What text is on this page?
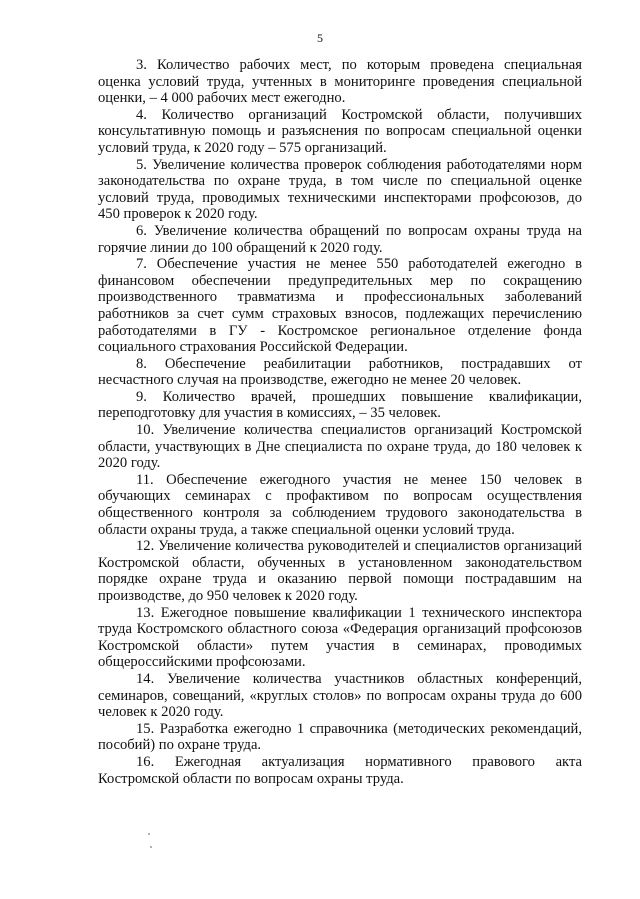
5

3. Количество рабочих мест, по которым проведена специальная оценка условий труда, учтенных в мониторинге проведения специальной оценки, – 4 000 рабочих мест ежегодно.

4. Количество организаций Костромской области, получивших консультативную помощь и разъяснения по вопросам специальной оценки условий труда, к 2020 году – 575 организаций.

5. Увеличение количества проверок соблюдения работодателями норм законодательства по охране труда, в том числе по специальной оценке условий труда, проводимых техническими инспекторами профсоюзов, до 450 проверок к 2020 году.

6. Увеличение количества обращений по вопросам охраны труда на горячие линии до 100 обращений к 2020 году.

7. Обеспечение участия не менее 550 работодателей ежегодно в финансовом обеспечении предупредительных мер по сокращению производственного травматизма и профессиональных заболеваний работников за счет сумм страховых взносов, подлежащих перечислению работодателями в ГУ - Костромское региональное отделение фонда социального страхования Российской Федерации.

8. Обеспечение реабилитации работников, пострадавших от несчастного случая на производстве, ежегодно не менее 20 человек.

9. Количество врачей, прошедших повышение квалификации, переподготовку для участия в комиссиях, – 35 человек.

10. Увеличение количества специалистов организаций Костромской области, участвующих в Дне специалиста по охране труда, до 180 человек к 2020 году.

11. Обеспечение ежегодного участия не менее 150 человек в обучающих семинарах с профактивом по вопросам осуществления общественного контроля за соблюдением трудового законодательства в области охраны труда, а также специальной оценки условий труда.

12. Увеличение количества руководителей и специалистов организаций Костромской области, обученных в установленном законодательством порядке охране труда и оказанию первой помощи пострадавшим на производстве, до 950 человек к 2020 году.

13. Ежегодное повышение квалификации 1 технического инспектора труда Костромского областного союза «Федерация организаций профсоюзов Костромской области» путем участия в семинарах, проводимых общероссийскими профсоюзами.

14. Увеличение количества участников областных конференций, семинаров, совещаний, «круглых столов» по вопросам охраны труда до 600 человек к 2020 году.

15. Разработка ежегодно 1 справочника (методических рекомендаций, пособий) по охране труда.

16. Ежегодная актуализация нормативного правового акта Костромской области по вопросам охраны труда.
